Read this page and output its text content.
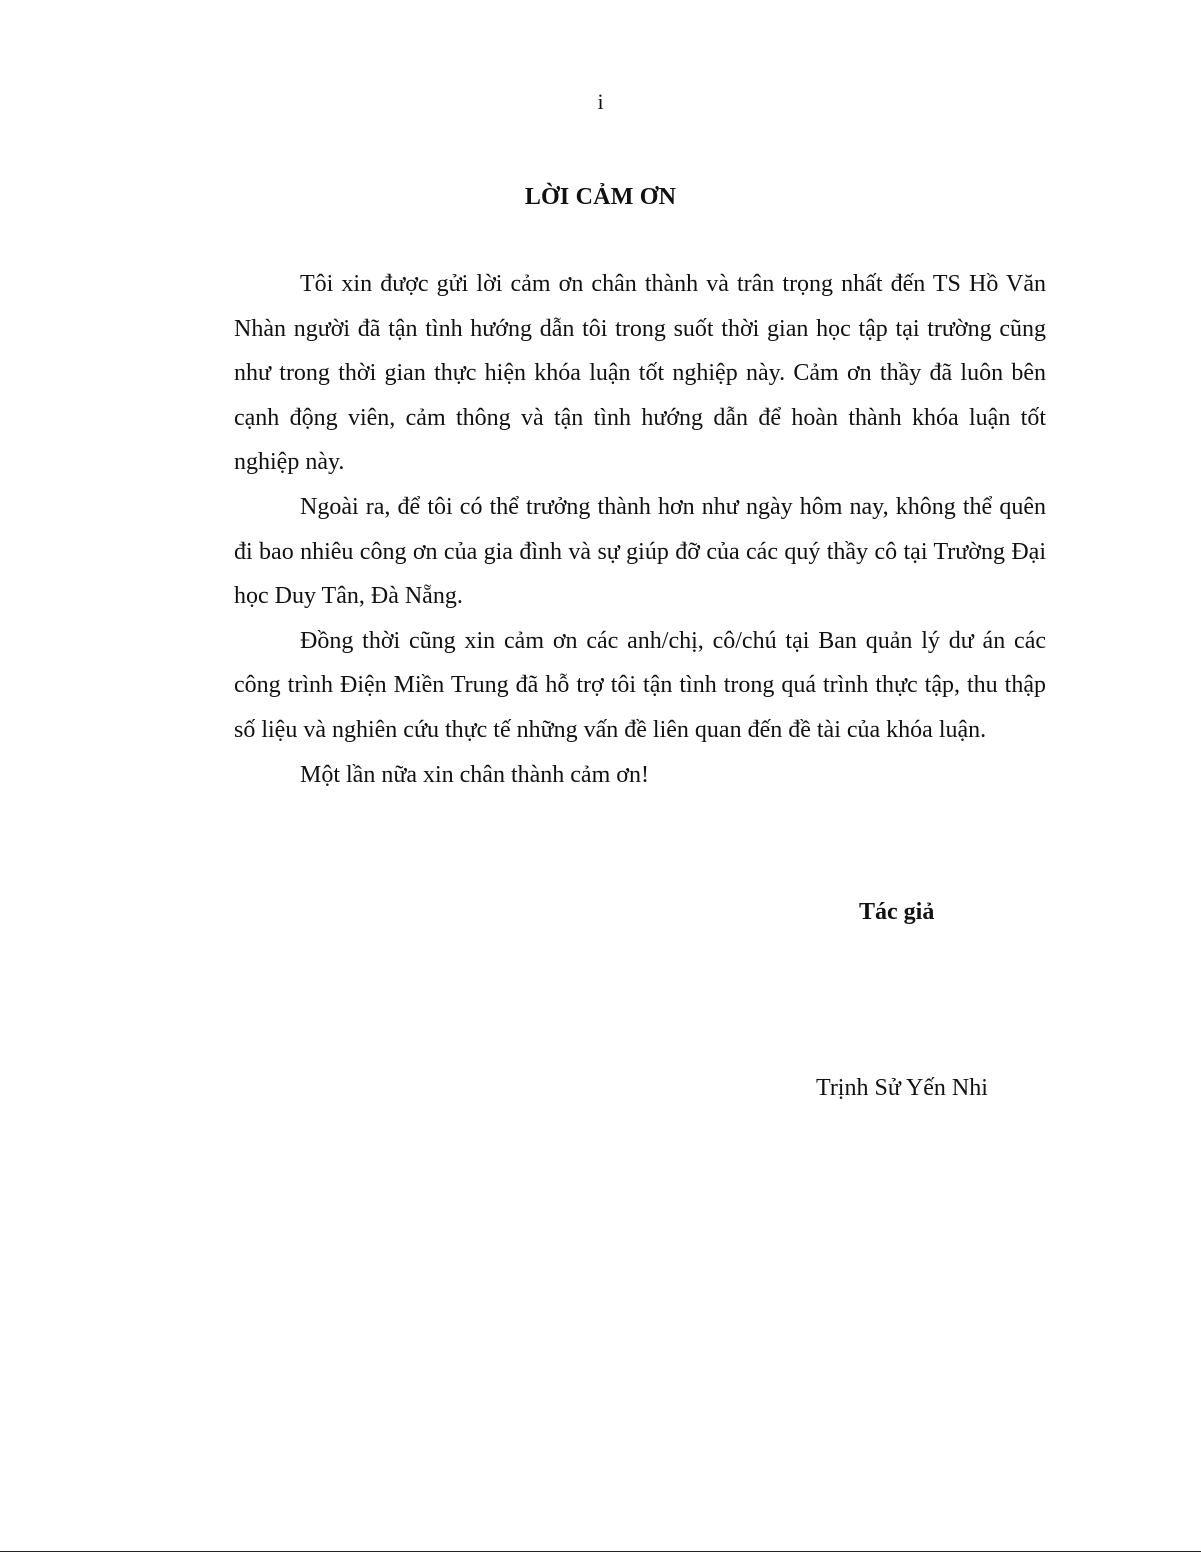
i
LỜI CẢM ƠN

Tôi xin được gửi lời cảm ơn chân thành và trân trọng nhất đến TS Hồ Văn Nhàn người đã tận tình hướng dẫn tôi trong suốt thời gian học tập tại trường cũng như trong thời gian thực hiện khóa luận tốt nghiệp này. Cảm ơn thầy đã luôn bên cạnh động viên, cảm thông và tận tình hướng dẫn để hoàn thành khóa luận tốt nghiệp này.

Ngoài ra, để tôi có thể trưởng thành hơn như ngày hôm nay, không thể quên đi bao nhiêu công ơn của gia đình và sự giúp đỡ của các quý thầy cô tại Trường Đại học Duy Tân, Đà Nẵng.

Đồng thời cũng xin cảm ơn các anh/chị, cô/chú tại Ban quản lý dư án các công trình Điện Miền Trung đã hỗ trợ tôi tận tình trong quá trình thực tập, thu thập số liệu và nghiên cứu thực tế những vấn đề liên quan đến đề tài của khóa luận.

Một lần nữa xin chân thành cảm ơn!

Tác giả
Trịnh Sử Yến Nhi
